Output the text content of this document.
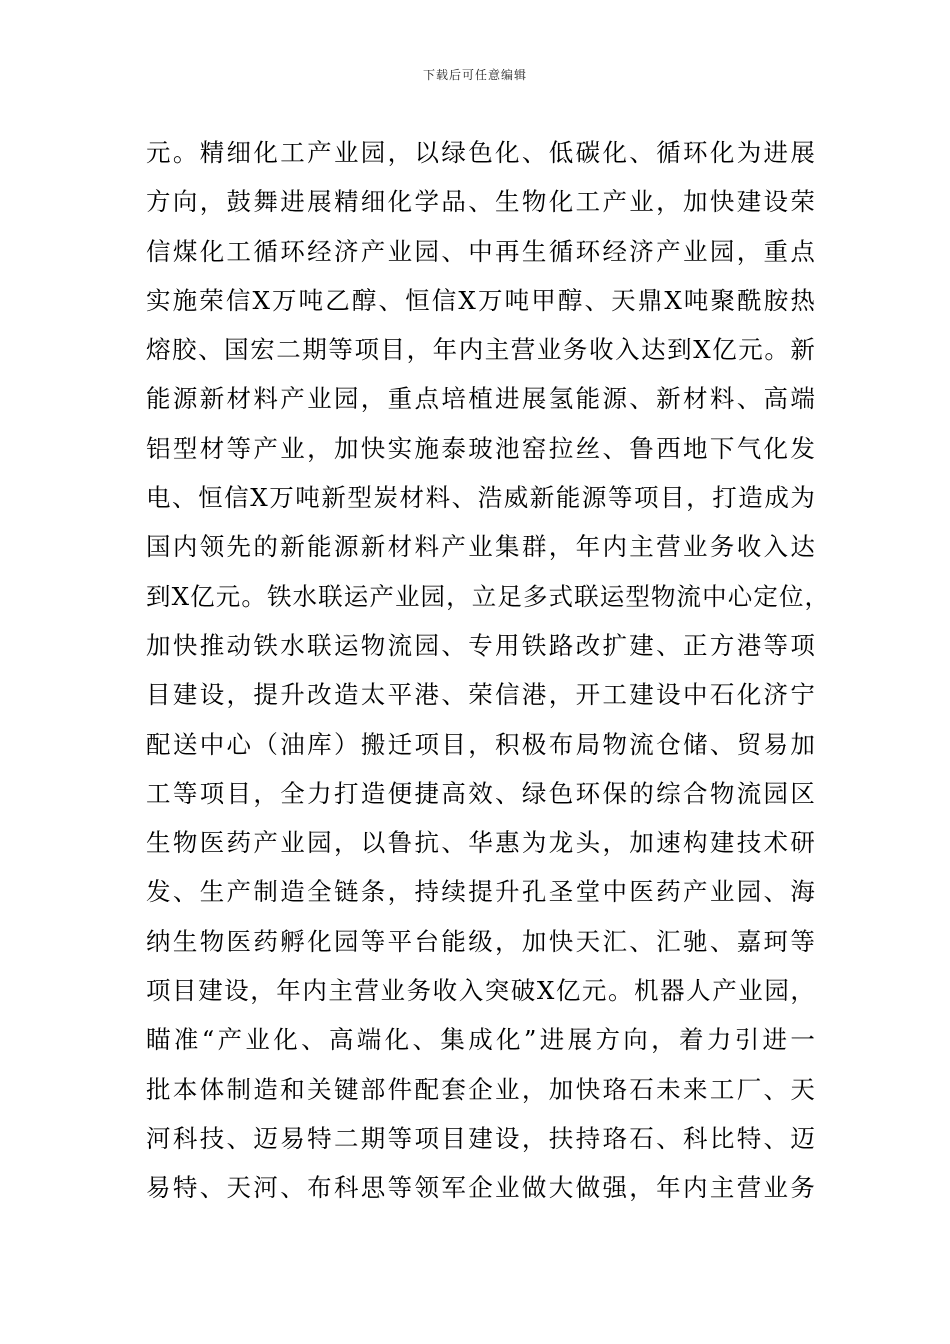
下载后可任意编辑
元。精细化工产业园，以绿色化、低碳化、循环化为进展
方向，鼓舞进展精细化学品、生物化工产业，加快建设荣
信煤化工循环经济产业园、中再生循环经济产业园，重点
实施荣信X万吨乙醇、恒信X万吨甲醇、天鼎X吨聚酰胺热
熔胶、国宏二期等项目，年内主营业务收入达到X亿元。新
能源新材料产业园，重点培植进展氢能源、新材料、高端
铝型材等产业，加快实施泰玻池窑拉丝、鲁西地下气化发
电、恒信X万吨新型炭材料、浩威新能源等项目，打造成为
国内领先的新能源新材料产业集群，年内主营业务收入达
到X亿元。铁水联运产业园，立足多式联运型物流中心定位，
加快推动铁水联运物流园、专用铁路改扩建、正方港等项
目建设，提升改造太平港、荣信港，开工建设中石化济宁
配送中心（油库）搬迁项目，积极布局物流仓储、贸易加
工等项目，全力打造便捷高效、绿色环保的综合物流园区
生物医药产业园，以鲁抗、华惠为龙头，加速构建技术研
发、生产制造全链条，持续提升孔圣堂中医药产业园、海
纳生物医药孵化园等平台能级，加快天汇、汇驰、嘉珂等
项目建设，年内主营业务收入突破X亿元。机器人产业园，
瞄准“产业化、高端化、集成化”进展方向，着力引进一
批本体制造和关键部件配套企业，加快珞石未来工厂、天
河科技、迈易特二期等项目建设，扶持珞石、科比特、迈
易特、天河、布科思等领军企业做大做强，年内主营业务
